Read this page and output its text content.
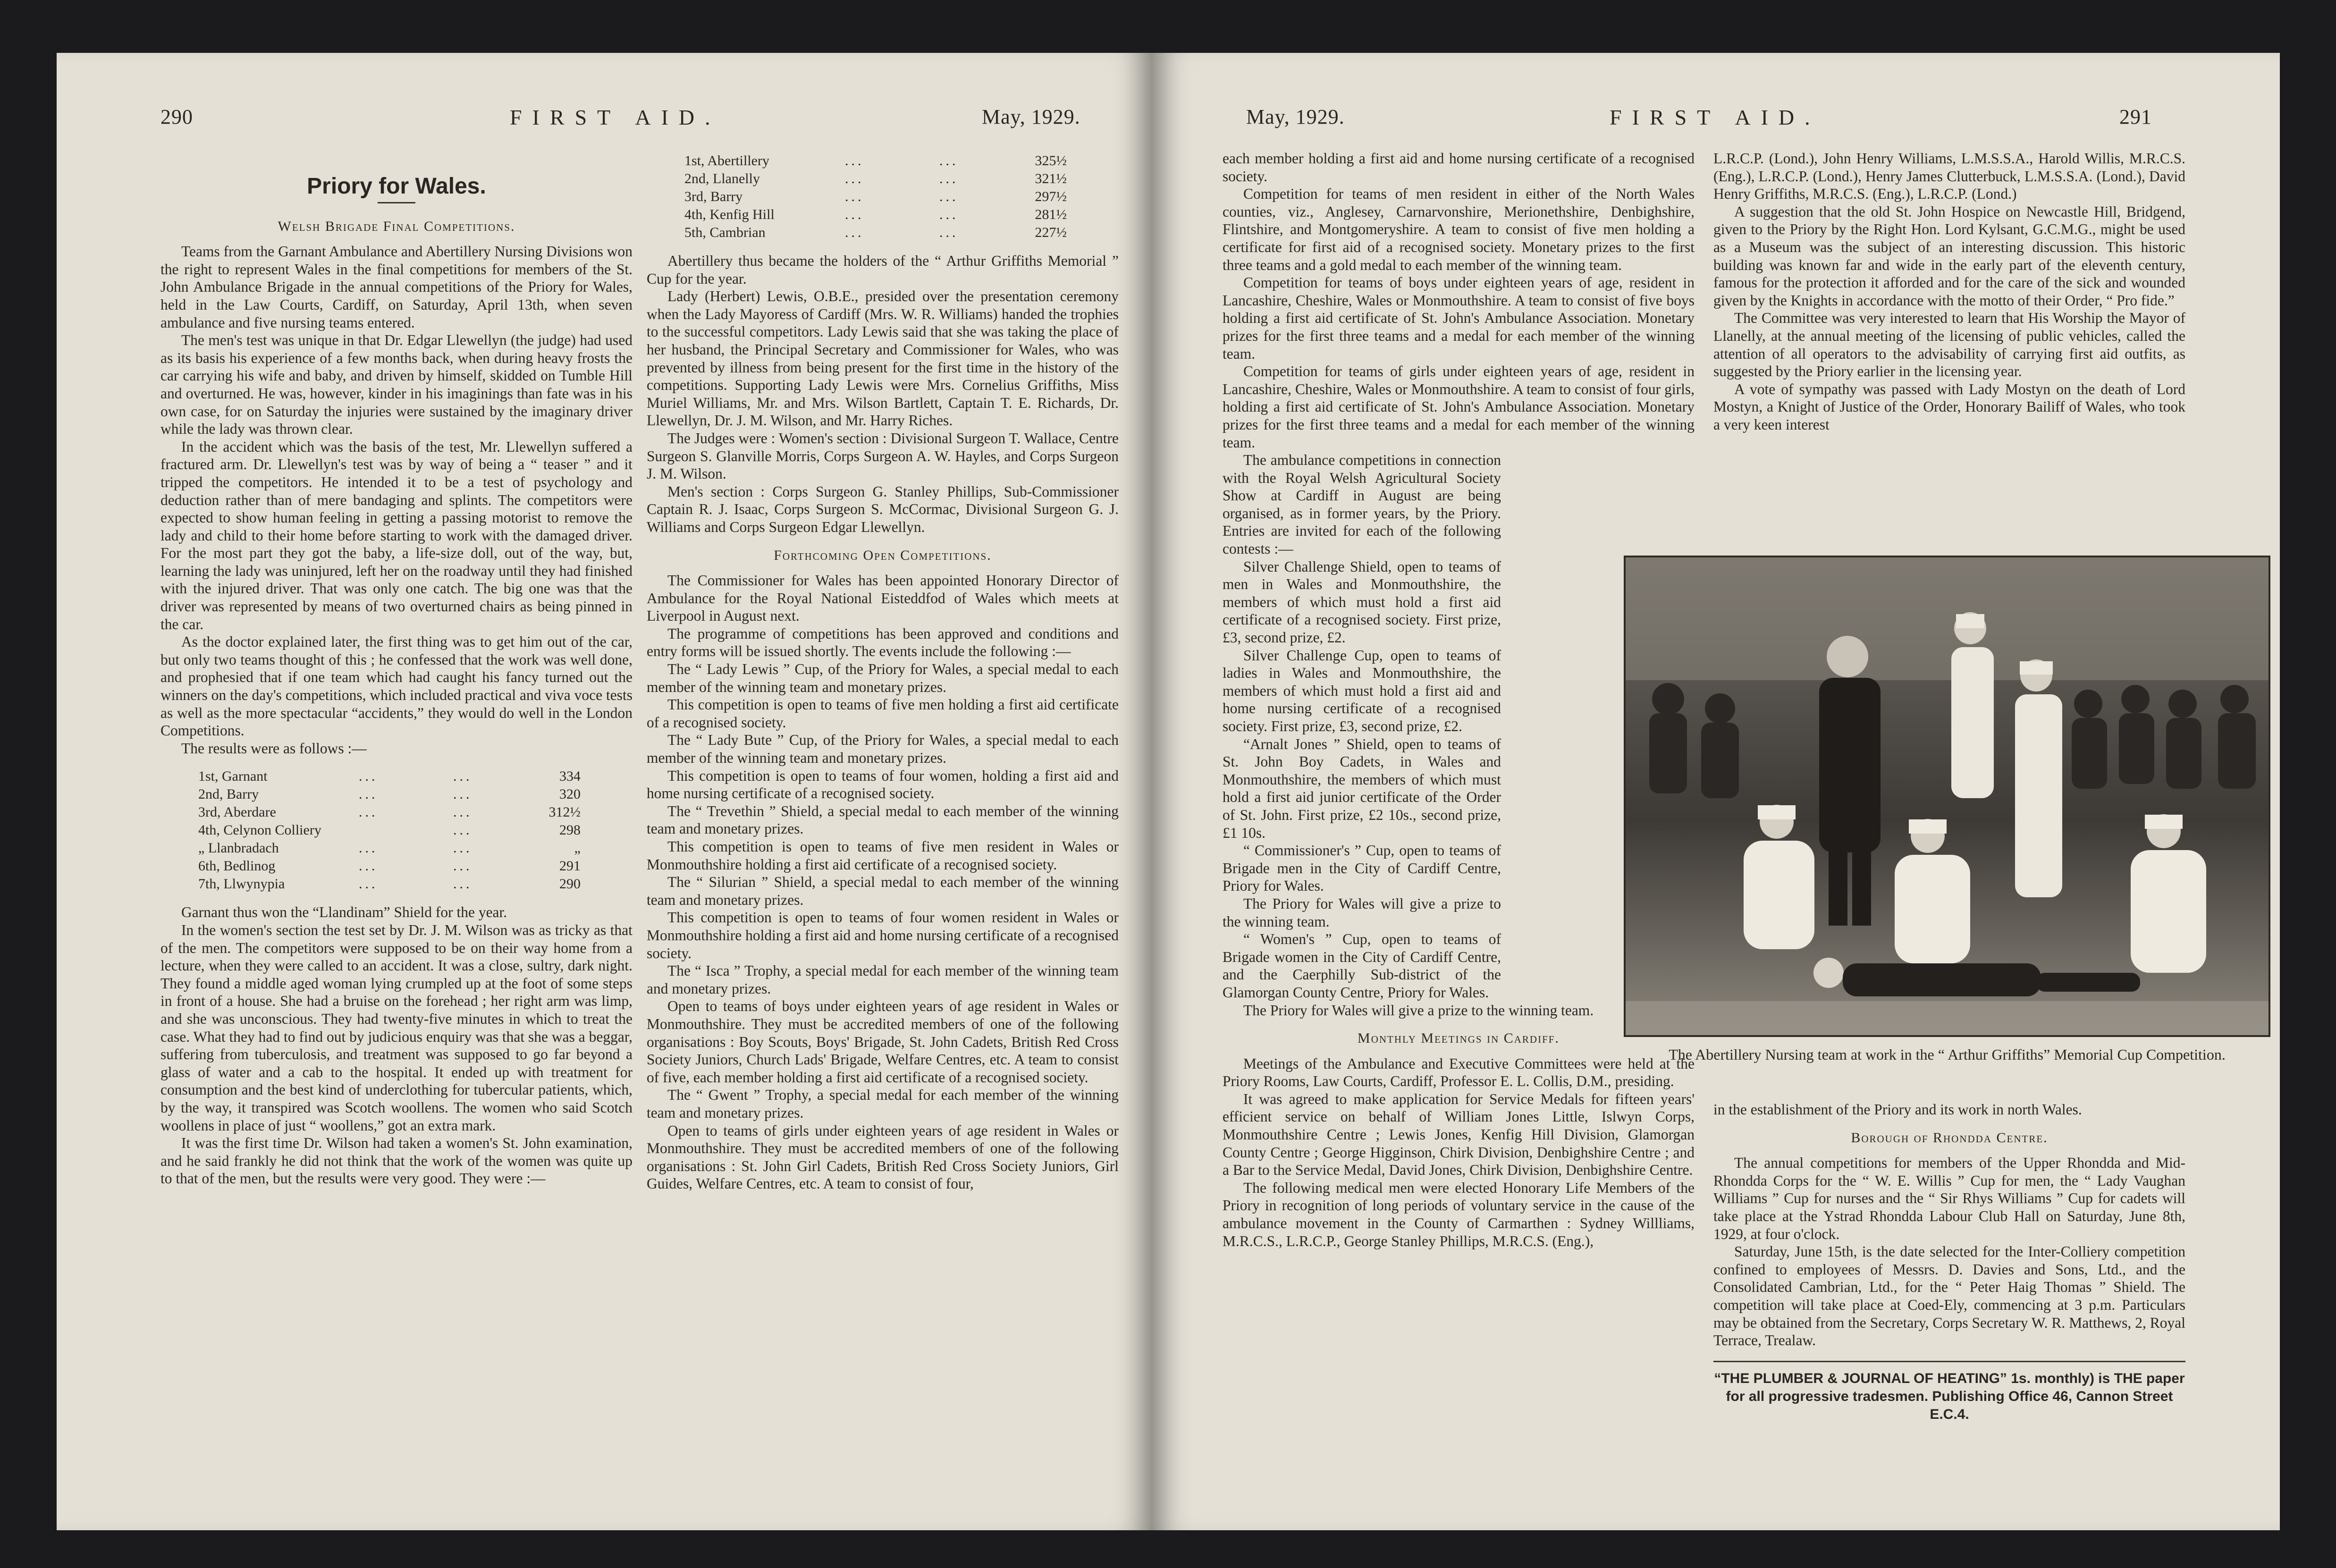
290	FIRST AID.	May, 1929.
Priory for Wales.
Welsh Brigade Final Competitions.

Teams from the Garnant Ambulance and Abertillery Nursing Divisions won the right to represent Wales in the final competitions for members of the St. John Ambulance Brigade in the annual competitions of the Priory for Wales, held in the Law Courts, Cardiff, on Saturday, April 13th, when seven ambulance and five nursing teams entered.

The men's test was unique in that Dr. Edgar Llewellyn (the judge) had used as its basis his experience of a few months back, when during heavy frosts the car carrying his wife and baby, and driven by himself, skidded on Tumble Hill and overturned. He was, however, kinder in his imaginings than fate was in his own case, for on Saturday the injuries were sustained by the imaginary driver while the lady was thrown clear.

In the accident which was the basis of the test, Mr. Llewellyn suffered a fractured arm. Dr. Llewellyn's test was by way of being a “ teaser ” and it tripped the competitors. He intended it to be a test of psychology and deduction rather than of mere bandaging and splints. The competitors were expected to show human feeling in getting a passing motorist to remove the lady and child to their home before starting to work with the damaged driver. For the most part they got the baby, a life-size doll, out of the way, but, learning the lady was uninjured, left her on the roadway until they had finished with the injured driver. That was only one catch. The big one was that the driver was represented by means of two overturned chairs as being pinned in the car.

As the doctor explained later, the first thing was to get him out of the car, but only two teams thought of this ; he confessed that the work was well done, and prophesied that if one team which had caught his fancy turned out the winners on the day's competitions, which included practical and viva voce tests as well as the more spectacular “accidents,” they would do well in the London Competitions.

The results were as follows :—

1st, Garnant	...	...	334
2nd, Barry	...	...	320
3rd, Aberdare	...	...	312½
4th, Celynon Colliery		...	298
„ Llanbradach	...	...	„
6th, Bedlinog	...	...	291
7th, Llwynypia	...	...	290

Garnant thus won the “Llandinam” Shield for the year.

In the women's section the test set by Dr. J. M. Wilson was as tricky as that of the men. The competitors were supposed to be on their way home from a lecture, when they were called to an accident. It was a close, sultry, dark night. They found a middle aged woman lying crumpled up at the foot of some steps in front of a house. She had a bruise on the forehead ; her right arm was limp, and she was unconscious. They had twenty-five minutes in which to treat the case. What they had to find out by judicious enquiry was that she was a beggar, suffering from tuberculosis, and treatment was supposed to go far beyond a glass of water and a cab to the hospital. It ended up with treatment for consumption and the best kind of underclothing for tubercular patients, which, by the way, it transpired was Scotch woollens. The women who said Scotch woollens in place of just “ woollens,” got an extra mark.

It was the first time Dr. Wilson had taken a women's St. John examination, and he said frankly he did not think that the work of the women was quite up to that of the men, but the results were very good. They were :—

1st, Abertillery	...	...	325½
2nd, Llanelly	...	...	321½
3rd, Barry	...	...	297½
4th, Kenfig Hill	...	...	281½
5th, Cambrian	...	...	227½

Abertillery thus became the holders of the “ Arthur Griffiths Memorial ” Cup for the year.

Lady (Herbert) Lewis, O.B.E., presided over the presentation ceremony when the Lady Mayoress of Cardiff (Mrs. W. R. Williams) handed the trophies to the successful competitors. Lady Lewis said that she was taking the place of her husband, the Principal Secretary and Commissioner for Wales, who was prevented by illness from being present for the first time in the history of the competitions. Supporting Lady Lewis were Mrs. Cornelius Griffiths, Miss Muriel Williams, Mr. and Mrs. Wilson Bartlett, Captain T. E. Richards, Dr. Llewellyn, Dr. J. M. Wilson, and Mr. Harry Riches.

The Judges were : Women's section : Divisional Surgeon T. Wallace, Centre Surgeon S. Glanville Morris, Corps Surgeon A. W. Hayles, and Corps Surgeon J. M. Wilson.

Men's section : Corps Surgeon G. Stanley Phillips, Sub-Commissioner Captain R. J. Isaac, Corps Surgeon S. McCormac, Divisional Surgeon G. J. Williams and Corps Surgeon Edgar Llewellyn.

Forthcoming Open Competitions.

The Commissioner for Wales has been appointed Honorary Director of Ambulance for the Royal National Eisteddfod of Wales which meets at Liverpool in August next.

The programme of competitions has been approved and conditions and entry forms will be issued shortly. The events include the following :—

The “ Lady Lewis ” Cup, of the Priory for Wales, a special medal to each member of the winning team and monetary prizes.

This competition is open to teams of five men holding a first aid certificate of a recognised society.

The “ Lady Bute ” Cup, of the Priory for Wales, a special medal to each member of the winning team and monetary prizes.

This competition is open to teams of four women, holding a first aid and home nursing certificate of a recognised society.

The “ Trevethin ” Shield, a special medal to each member of the winning team and monetary prizes.

This competition is open to teams of five men resident in Wales or Monmouthshire holding a first aid certificate of a recognised society.

The “ Silurian ” Shield, a special medal to each member of the winning team and monetary prizes.

This competition is open to teams of four women resident in Wales or Monmouthshire holding a first aid and home nursing certificate of a recognised society.

The “ Isca ” Trophy, a special medal for each member of the winning team and monetary prizes.

Open to teams of boys under eighteen years of age resident in Wales or Monmouthshire. They must be accredited members of one of the following organisations : Boy Scouts, Boys' Brigade, St. John Cadets, British Red Cross Society Juniors, Church Lads' Brigade, Welfare Centres, etc. A team to consist of five, each member holding a first aid certificate of a recognised society.

The “ Gwent ” Trophy, a special medal for each member of the winning team and monetary prizes.

Open to teams of girls under eighteen years of age resident in Wales or Monmouthshire. They must be accredited members of one of the following organisations : St. John Girl Cadets, British Red Cross Society Juniors, Girl Guides, Welfare Centres, etc. A team to consist of four,

May, 1929.	FIRST AID.	291

each member holding a first aid and home nursing certificate of a recognised society.

Competition for teams of men resident in either of the North Wales counties, viz., Anglesey, Carnarvonshire, Merionethshire, Denbighshire, Flintshire, and Montgomeryshire. A team to consist of five men holding a certificate for first aid of a recognised society. Monetary prizes to the first three teams and a gold medal to each member of the winning team.

Competition for teams of boys under eighteen years of age, resident in Lancashire, Cheshire, Wales or Monmouthshire. A team to consist of five boys holding a first aid certificate of St. John's Ambulance Association. Monetary prizes for the first three teams and a medal for each member of the winning team.

Competition for teams of girls under eighteen years of age, resident in Lancashire, Cheshire, Wales or Monmouthshire. A team to consist of four girls, holding a first aid certificate of St. John's Ambulance Association. Monetary prizes for the first three teams and a medal for each member of the winning team.

The ambulance competitions in connection with the Royal Welsh Agricultural Society Show at Cardiff in August are being organised, as in former years, by the Priory. Entries are invited for each of the following contests :—

Silver Challenge Shield, open to teams of men in Wales and Monmouthshire, the members of which must hold a first aid certificate of a recognised society. First prize, £3, second prize, £2.

Silver Challenge Cup, open to teams of ladies in Wales and Monmouthshire, the members of which must hold a first aid and home nursing certificate of a recognised society. First prize, £3, second prize, £2.

“Arnalt Jones ” Shield, open to teams of St. John Boy Cadets, in Wales and Monmouthshire, the members of which must hold a first aid junior certificate of the Order of St. John. First prize, £2 10s., second prize, £1 10s.

“ Commissioner's ” Cup, open to teams of Brigade men in the City of Cardiff Centre, Priory for Wales.

The Priory for Wales will give a prize to the winning team.

“ Women's ” Cup, open to teams of Brigade women in the City of Cardiff Centre, and the Caerphilly Sub-district of the Glamorgan County Centre, Priory for Wales.

The Priory for Wales will give a prize to the winning team.

Monthly Meetings in Cardiff.

Meetings of the Ambulance and Executive Committees were held at the Priory Rooms, Law Courts, Cardiff, Professor E. L. Collis, D.M., presiding.

It was agreed to make application for Service Medals for fifteen years' efficient service on behalf of William Jones Little, Islwyn Corps, Monmouthshire Centre ; Lewis Jones, Kenfig Hill Division, Glamorgan County Centre ; George Higginson, Chirk Division, Denbighshire Centre ; and a Bar to the Service Medal, David Jones, Chirk Division, Denbighshire Centre.

The following medical men were elected Honorary Life Members of the Priory in recognition of long periods of voluntary service in the cause of the ambulance movement in the County of Carmarthen : Sydney Willliams, M.R.C.S., L.R.C.P., George Stanley Phillips, M.R.C.S. (Eng.),

L.R.C.P. (Lond.), John Henry Williams, L.M.S.S.A., Harold Willis, M.R.C.S. (Eng.), L.R.C.P. (Lond.), Henry James Clutterbuck, L.M.S.S.A. (Lond.), David Henry Griffiths, M.R.C.S. (Eng.), L.R.C.P. (Lond.)

A suggestion that the old St. John Hospice on Newcastle Hill, Bridgend, given to the Priory by the Right Hon. Lord Kylsant, G.C.M.G., might be used as a Museum was the subject of an interesting discussion. This historic building was known far and wide in the early part of the eleventh century, famous for the protection it afforded and for the care of the sick and wounded given by the Knights in accordance with the motto of their Order, “ Pro fide.”

The Committee was very interested to learn that His Worship the Mayor of Llanelly, at the annual meeting of the licensing of public vehicles, called the attention of all operators to the advisability of carrying first aid outfits, as suggested by the Priory earlier in the licensing year.

A vote of sympathy was passed with Lady Mostyn on the death of Lord Mostyn, a Knight of Justice of the Order, Honorary Bailiff of Wales, who took a very keen interest

The Abertillery Nursing team at work in the “ Arthur Griffiths” Memorial Cup Competition.

in the establishment of the Priory and its work in north Wales.

Borough of Rhondda Centre.

The annual competitions for members of the Upper Rhondda and Mid-Rhondda Corps for the “ W. E. Willis ” Cup for men, the “ Lady Vaughan Williams ” Cup for nurses and the “ Sir Rhys Williams ” Cup for cadets will take place at the Ystrad Rhondda Labour Club Hall on Saturday, June 8th, 1929, at four o'clock.

Saturday, June 15th, is the date selected for the Inter-Colliery competition confined to employees of Messrs. D. Davies and Sons, Ltd., and the Consolidated Cambrian, Ltd., for the “ Peter Haig Thomas ” Shield. The competition will take place at Coed-Ely, commencing at 3 p.m. Particulars may be obtained from the Secretary, Corps Secretary W. R. Matthews, 2, Royal Terrace, Trealaw.

“THE PLUMBER & JOURNAL OF HEATING” 1s. monthly) is THE paper for all progressive tradesmen. Publishing Office 46, Cannon Street E.C.4.
